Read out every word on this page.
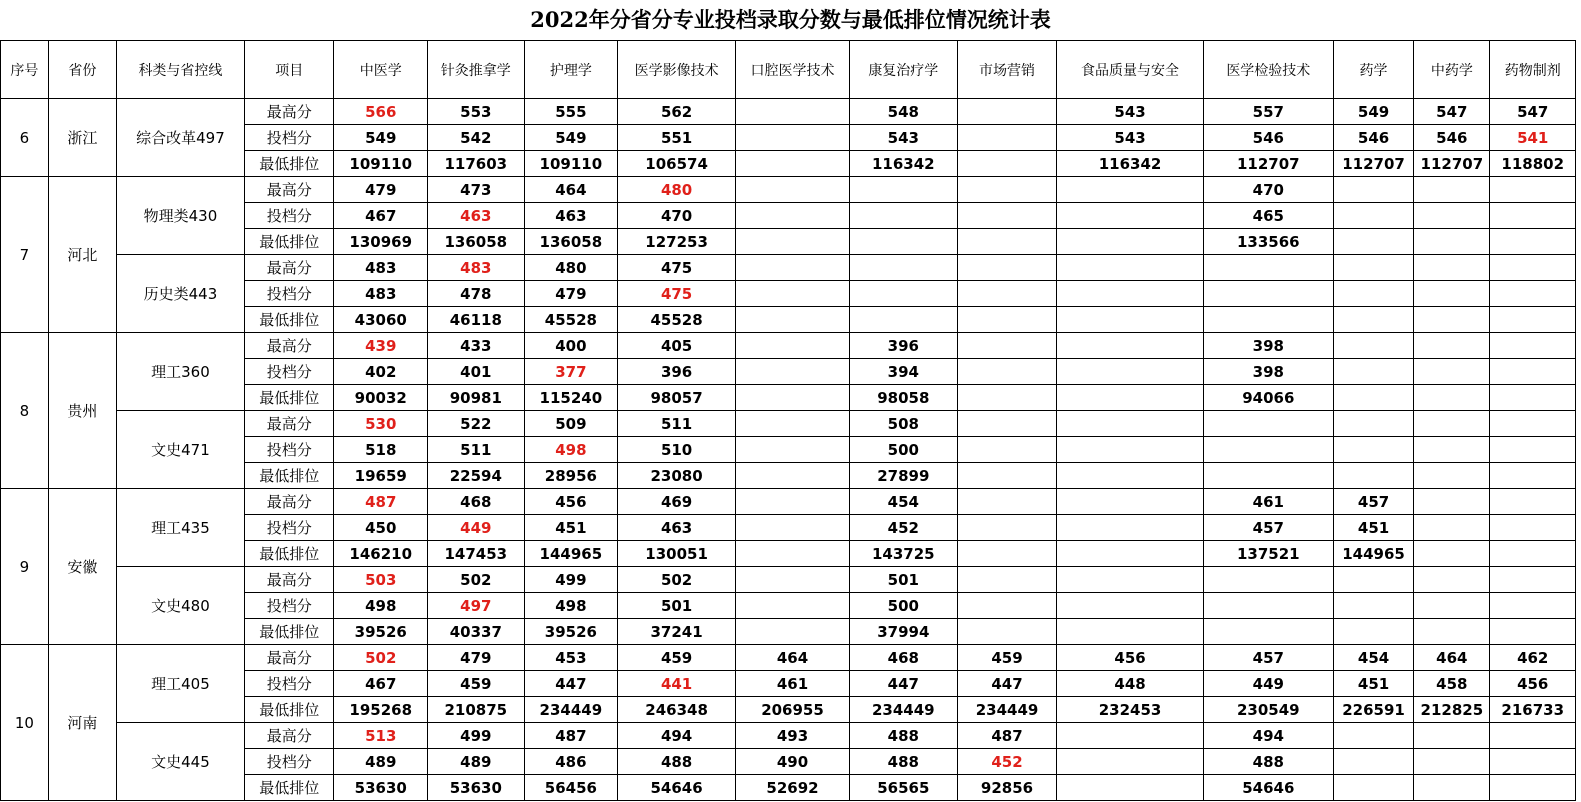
2022年分省分专业投档录取分数与最低排位情况统计表
序号	省份	科类与省控线	项目	中医学	针灸推拿学	护理学	医学影像技术	口腔医学技术	康复治疗学	市场营销	食品质量与安全	医学检验技术	药学	中药学	药物制剂
6	浙江	综合改革497	最高分	566	553	555	562		548		543	557	549	547	547
			投档分	549	542	549	551		543		543	546	546	546	541
			最低排位	109110	117603	109110	106574		116342		116342	112707	112707	112707	118802
7	河北	物理类430	最高分	479	473	464	480					470			
			投档分	467	463	463	470					465			
			最低排位	130969	136058	136058	127253					133566			
		历史类443	最高分	483	483	480	475								
			投档分	483	478	479	475								
			最低排位	43060	46118	45528	45528								
8	贵州	理工360	最高分	439	433	400	405		396			398			
			投档分	402	401	377	396		394			398			
			最低排位	90032	90981	115240	98057		98058			94066			
		文史471	最高分	530	522	509	511		508						
			投档分	518	511	498	510		500						
			最低排位	19659	22594	28956	23080		27899						
9	安徽	理工435	最高分	487	468	456	469		454			461	457		
			投档分	450	449	451	463		452			457	451		
			最低排位	146210	147453	144965	130051		143725			137521	144965		
		文史480	最高分	503	502	499	502		501						
			投档分	498	497	498	501		500						
			最低排位	39526	40337	39526	37241		37994						
10	河南	理工405	最高分	502	479	453	459	464	468	459	456	457	454	464	462
			投档分	467	459	447	441	461	447	447	448	449	451	458	456
			最低排位	195268	210875	234449	246348	206955	234449	234449	232453	230549	226591	212825	216733
		文史445	最高分	513	499	487	494	493	488	487		494			
			投档分	489	489	486	488	490	488	452		488			
			最低排位	53630	53630	56456	54646	52692	56565	92856		54646			
